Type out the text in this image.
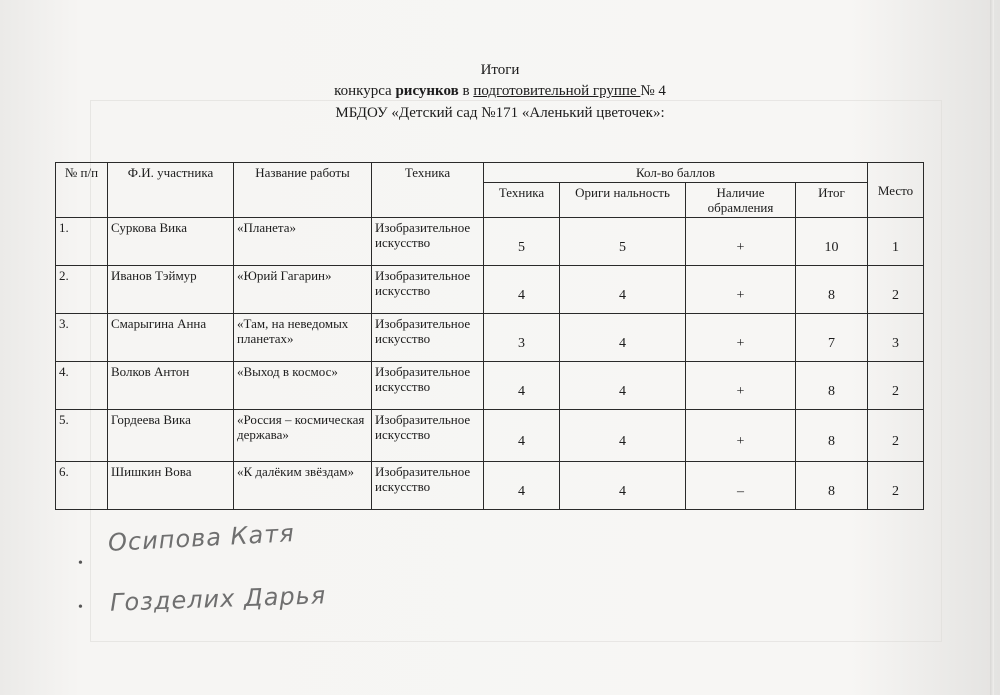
Итоги
конкурса рисунков в подготовительной группе № 4
МБДОУ «Детский сад №171 «Аленький цветочек»:
№ п/п	Ф.И. участника	Название работы	Техника	Кол-во баллов				Место
				Техника	Ориги нальность	Наличие обрамления	Итог	
1.	Суркова Вика	«Планета»	Изобразительное искусство	5	5	+	10	1
2.	Иванов Тэймур	«Юрий Гагарин»	Изобразительное искусство	4	4	+	8	2
3.	Смарыгина Анна	«Там, на неведомых планетах»	Изобразительное искусство	3	4	+	7	3
4.	Волков Антон	«Выход в космос»	Изобразительное искусство	4	4	+	8	2
5.	Гордеева Вика	«Россия – космическая держава»	Изобразительное искусство	4	4	+	8	2
6.	Шишкин Вова	«К далёким звёздам»	Изобразительное искусство	4	4	–	8	2
•
Осипова Катя
• Гозделих Дарья
